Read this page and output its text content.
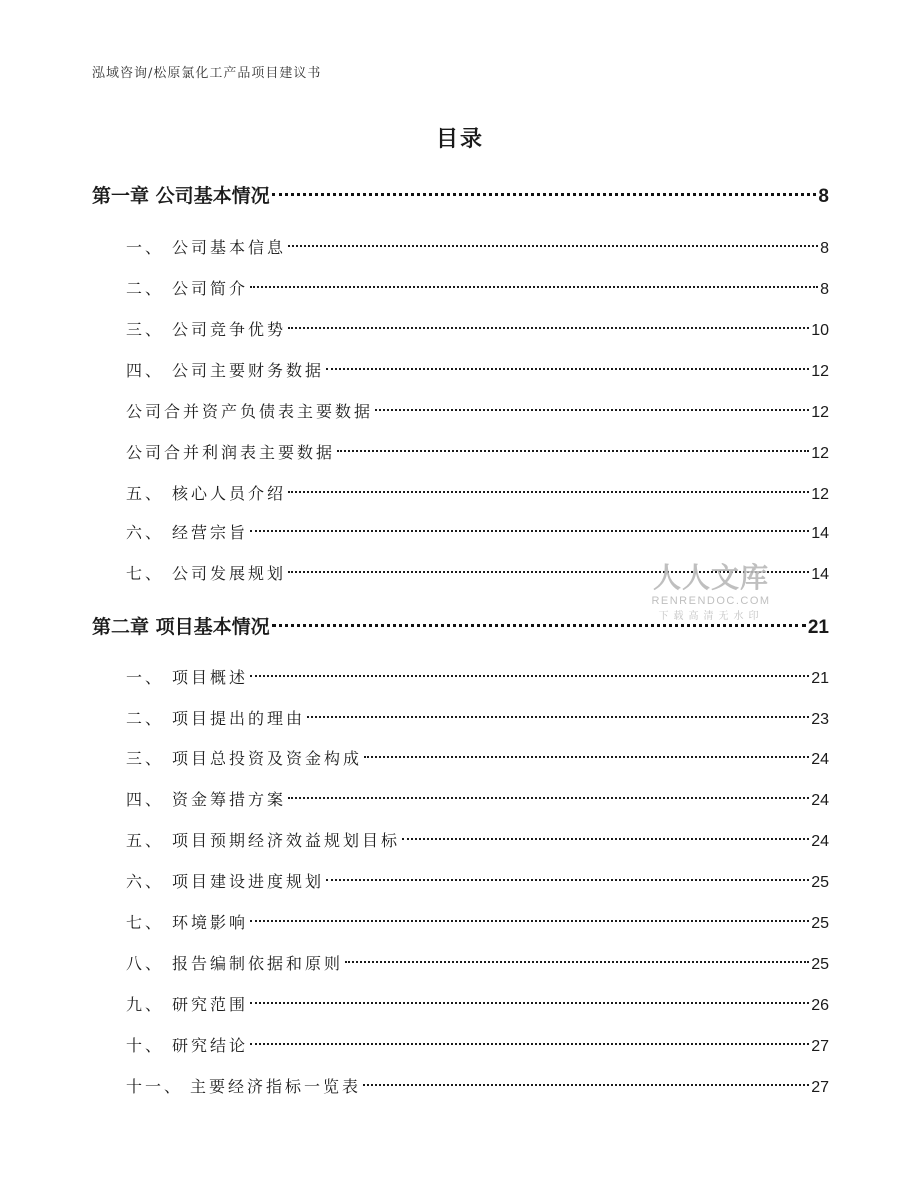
泓域咨询/松原氯化工产品项目建议书
目录
第一章 公司基本情况	8
一、 公司基本信息	8
二、 公司简介	8
三、 公司竞争优势	10
四、 公司主要财务数据	12
公司合并资产负债表主要数据	12
公司合并利润表主要数据	12
五、 核心人员介绍	12
六、 经营宗旨	14
七、 公司发展规划	14
第二章 项目基本情况	21
一、 项目概述	21
二、 项目提出的理由	23
三、 项目总投资及资金构成	24
四、 资金筹措方案	24
五、 项目预期经济效益规划目标	24
六、 项目建设进度规划	25
七、 环境影响	25
八、 报告编制依据和原则	25
九、 研究范围	26
十、 研究结论	27
十一、 主要经济指标一览表	27
人人文库
RENRENDOC.COM
下载高清无水印
